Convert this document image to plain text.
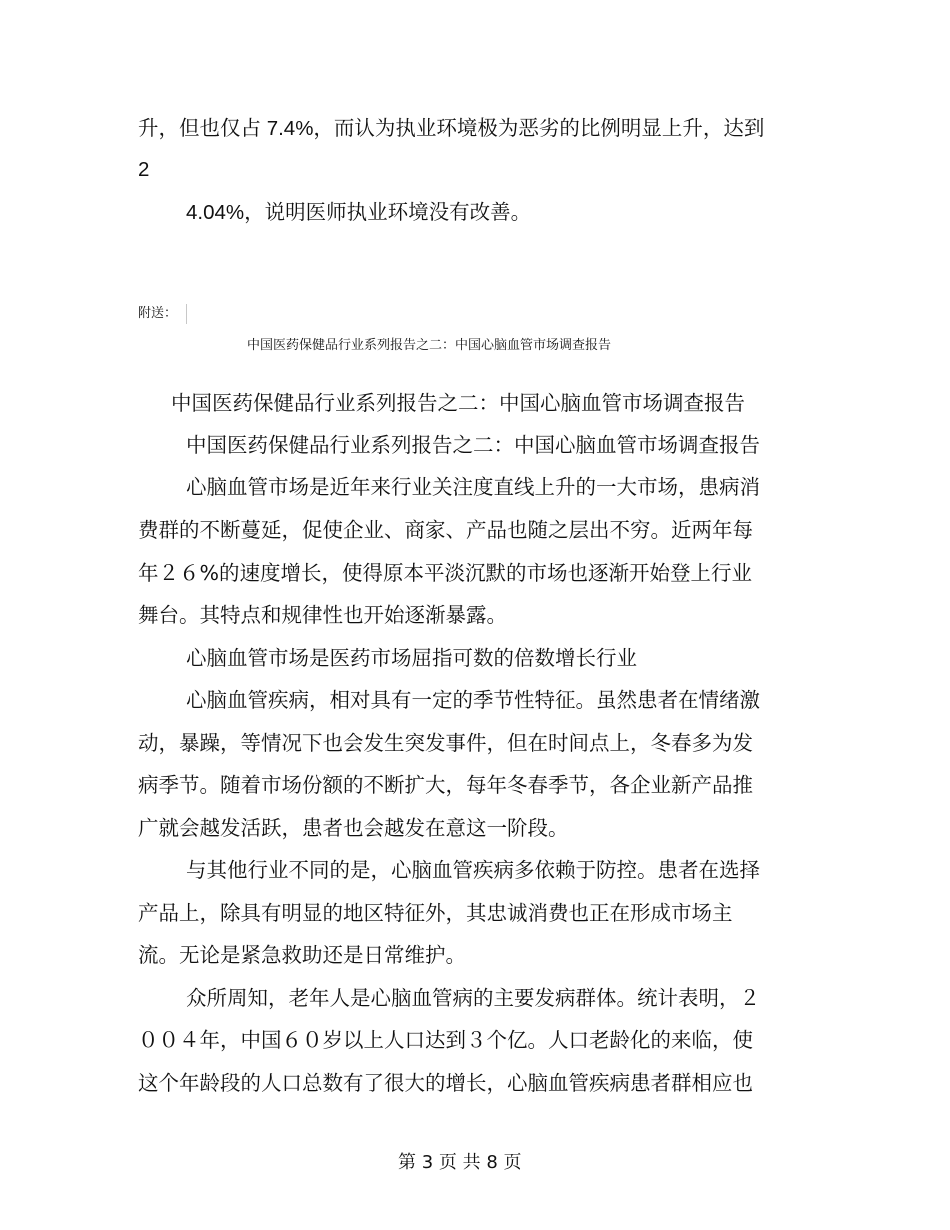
升，但也仅占 7.4%，而认为执业环境极为恶劣的比例明显上升，达到
2
4.04%，说明医师执业环境没有改善。
附送：
中国医药保健品行业系列报告之二：中国心脑血管市场调查报告
中国医药保健品行业系列报告之二：中国心脑血管市场调查报告
中国医药保健品行业系列报告之二：中国心脑血管市场调查报告
心脑血管市场是近年来行业关注度直线上升的一大市场，患病消
费群的不断蔓延，促使企业、商家、产品也随之层出不穷。近两年每
年２６%的速度增长，使得原本平淡沉默的市场也逐渐开始登上行业
舞台。其特点和规律性也开始逐渐暴露。
心脑血管市场是医药市场屈指可数的倍数增长行业
心脑血管疾病，相对具有一定的季节性特征。虽然患者在情绪激
动，暴躁，等情况下也会发生突发事件，但在时间点上，冬春多为发
病季节。随着市场份额的不断扩大，每年冬春季节，各企业新产品推
广就会越发活跃，患者也会越发在意这一阶段。
与其他行业不同的是，心脑血管疾病多依赖于防控。患者在选择
产品上，除具有明显的地区特征外，其忠诚消费也正在形成市场主
流。无论是紧急救助还是日常维护。
众所周知，老年人是心脑血管病的主要发病群体。统计表明，２
００４年，中国６０岁以上人口达到３个亿。人口老龄化的来临，使
这个年龄段的人口总数有了很大的增长，心脑血管疾病患者群相应也
第 3 页 共 8 页
